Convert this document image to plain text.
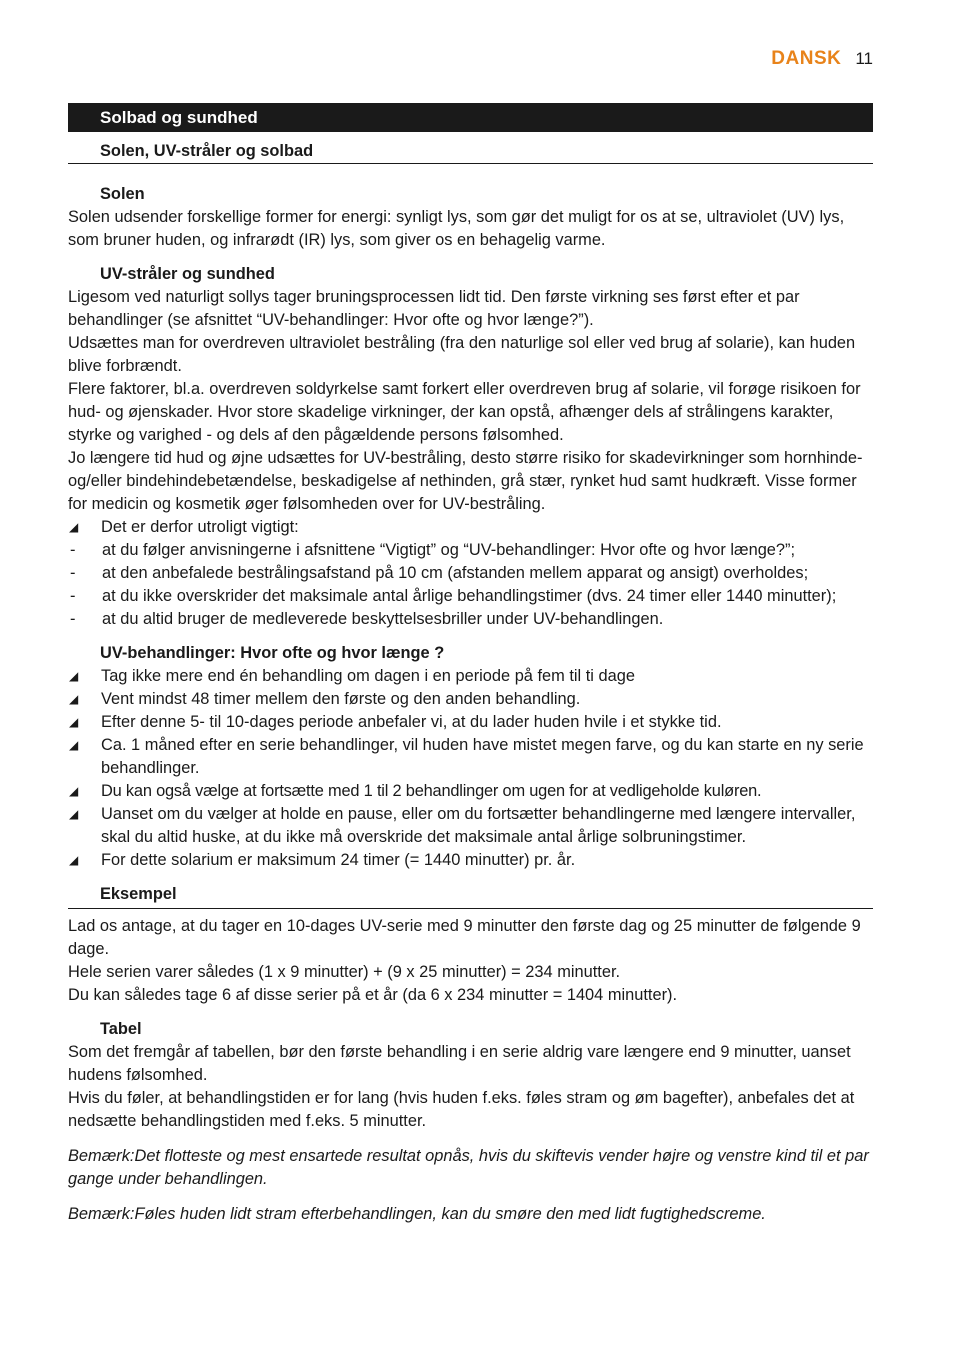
DANSK 11
Solbad og sundhed
Solen, UV-stråler og solbad
Solen

Solen udsender forskellige former for energi: synligt lys, som gør det muligt for os at se, ultraviolet (UV) lys, som bruner huden, og infrarødt (IR) lys, som giver os en behagelig varme.

UV-stråler og sundhed

Ligesom ved naturligt sollys tager bruningsprocessen lidt tid. Den første virkning ses først efter et par behandlinger (se afsnittet “UV-behandlinger: Hvor ofte og hvor længe?”).

Udsættes man for overdreven ultraviolet bestråling (fra den naturlige sol eller ved brug af solarie), kan huden blive forbrændt.

Flere faktorer, bl.a. overdreven soldyrkelse samt forkert eller overdreven brug af solarie, vil forøge risikoen for hud- og øjenskader. Hvor store skadelige virkninger, der kan opstå, afhænger dels af strålingens karakter, styrke og varighed - og dels af den pågældende persons følsomhed.

Jo længere tid hud og øjne udsættes for UV-bestråling, desto større risiko for skadevirkninger som hornhinde- og/eller bindehindebetændelse, beskadigelse af nethinden, grå stær, rynket hud samt hudkræft. Visse former for medicin og kosmetik øger følsomheden over for UV-bestråling.

◢	Det er derfor utroligt vigtigt:
-	at du følger anvisningerne i afsnittene “Vigtigt” og “UV-behandlinger: Hvor ofte og hvor længe?”;
-	at den anbefalede bestrålingsafstand på 10 cm (afstanden mellem apparat og ansigt) overholdes;
-	at du ikke overskrider det maksimale antal årlige behandlingstimer (dvs. 24 timer eller 1440 minutter);
-	at du altid bruger de medleverede beskyttelsesbriller under UV-behandlingen.
UV-behandlinger: Hvor ofte og hvor længe ?
◢	Tag ikke mere end én behandling om dagen i en periode på fem til ti dage
◢	Vent mindst 48 timer mellem den første og den anden behandling.
◢	Efter denne 5- til 10-dages periode anbefaler vi, at du lader huden hvile i et stykke tid.
◢	Ca. 1 måned efter en serie behandlinger, vil huden have mistet megen farve, og du kan starte en ny serie behandlinger.
◢	Du kan også vælge at fortsætte med 1 til 2 behandlinger om ugen for at vedligeholde kuløren.
◢	Uanset om du vælger at holde en pause, eller om du fortsætter behandlingerne med længere intervaller, skal du altid huske, at du ikke må overskride det maksimale antal årlige solbruningstimer.
◢	For dette solarium er maksimum 24 timer (= 1440 minutter) pr. år.
Eksempel

Lad os antage, at du tager en 10-dages UV-serie med 9 minutter den første dag og 25 minutter de følgende 9 dage.

Hele serien varer således (1 x 9 minutter) + (9 x 25 minutter) = 234 minutter.

Du kan således tage 6 af disse serier på et år (da 6 x 234 minutter = 1404 minutter).

Tabel

Som det fremgår af tabellen, bør den første behandling i en serie aldrig vare længere end 9 minutter, uanset hudens følsomhed.

Hvis du føler, at behandlingstiden er for lang (hvis huden f.eks. føles stram og øm bagefter), anbefales det at nedsætte behandlingstiden med f.eks. 5 minutter.

Bemærk:Det flotteste og mest ensartede resultat opnås, hvis du skiftevis vender højre og venstre kind til et par gange under behandlingen.

Bemærk:Føles huden lidt stram efterbehandlingen, kan du smøre den med lidt fugtighedscreme.
